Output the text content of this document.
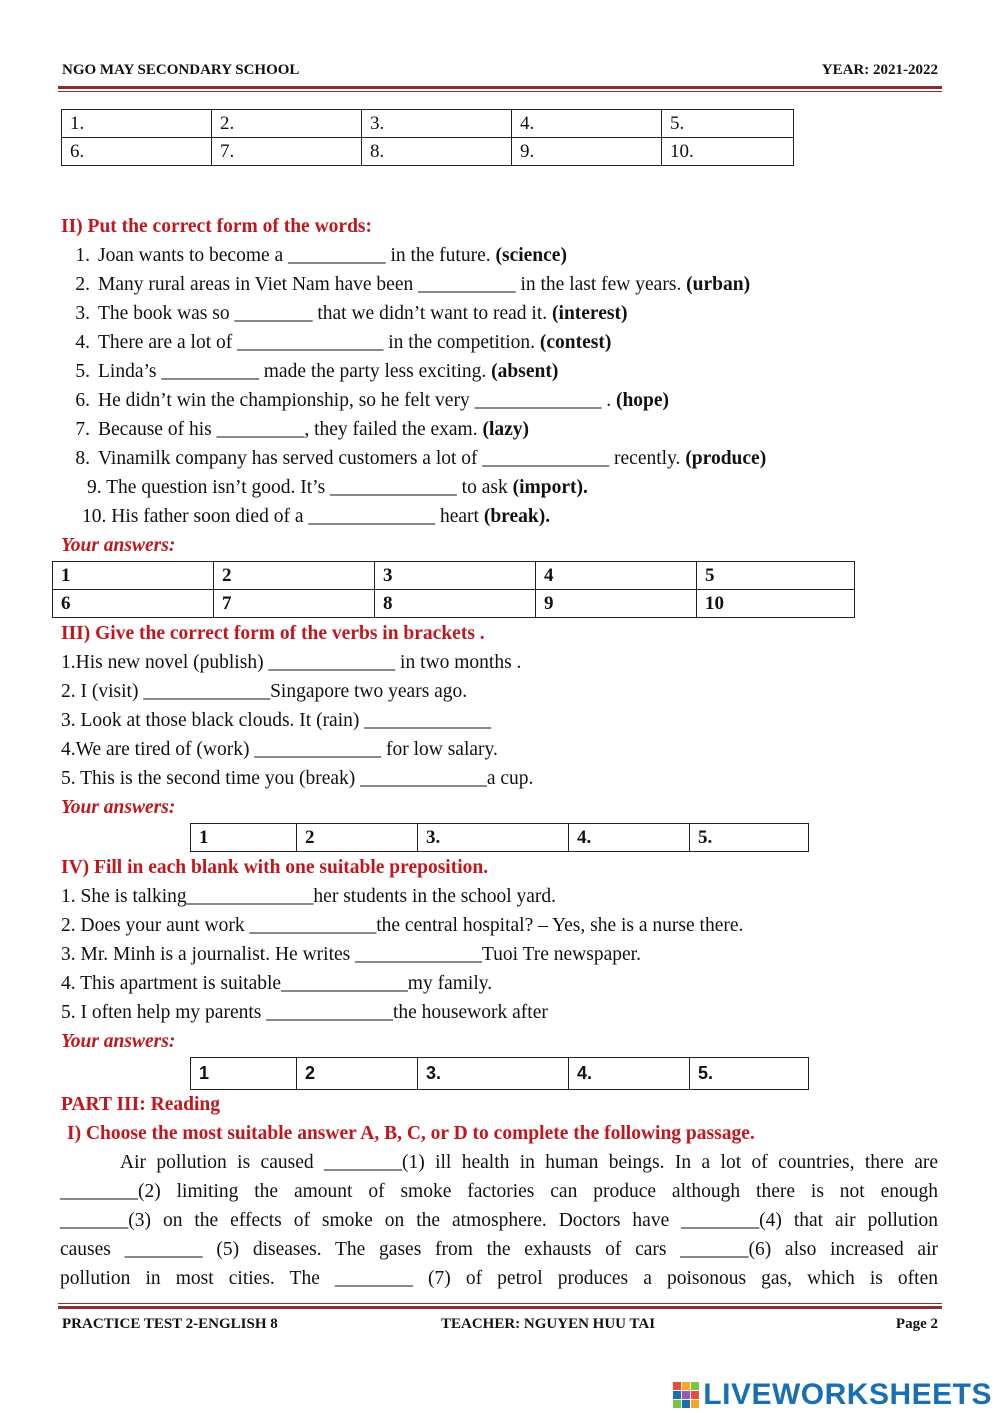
NGO MAY SECONDARY SCHOOL	YEAR: 2021-2022
1.	2.	3.	4.	5.
6.	7.	8.	9.	10.
II) Put the correct form of the words:
1. Joan wants to become a __________ in the future. (science)
2. Many rural areas in Viet Nam have been __________ in the last few years. (urban)
3. The book was so ________ that we didn’t want to read it. (interest)
4. There are a lot of _______________ in the competition. (contest)
5. Linda’s __________ made the party less exciting. (absent)
6. He didn’t win the championship, so he felt very _____________ . (hope)
7. Because of his _________, they failed the exam. (lazy)
8. Vinamilk company has served customers a lot of _____________ recently. (produce)
9. The question isn’t good. It’s _____________ to ask (import).
10. His father soon died of a _____________ heart (break).
Your answers:
1	2	3	4	5
6	7	8	9	10
III) Give the correct form of the verbs in brackets .
1.His new novel (publish) _____________ in two months .
2. I (visit) _____________Singapore two years ago.
3. Look at those black clouds. It (rain) _____________
4.We are tired of (work) _____________ for low salary.
5. This is the second time you (break) _____________a cup.
Your answers:
1	2	3.	4.	5.
IV) Fill in each blank with one suitable preposition.
1. She is talking_____________her students in the school yard.
2. Does your aunt work _____________the central hospital? – Yes, she is a nurse there.
3. Mr. Minh is a journalist. He writes _____________Tuoi Tre newspaper.
4. This apartment is suitable_____________my family.
5. I often help my parents _____________the housework after
Your answers:
1	2	3.	4.	5.
PART III: Reading
I) Choose the most suitable answer A, B, C, or D to complete the following passage.
Air pollution is caused ________(1) ill health in human beings. In a lot of countries, there are
________(2) limiting the amount of smoke factories can produce although there is not enough
_______(3) on the effects of smoke on the atmosphere. Doctors have ________(4) that air pollution
causes ________ (5) diseases. The gases from the exhausts of cars _______(6) also increased air
pollution in most cities. The ________ (7) of petrol produces a poisonous gas, which is often
PRACTICE TEST 2-ENGLISH 8	TEACHER: NGUYEN HUU TAI	Page 2
LIVEWORKSHEETS
